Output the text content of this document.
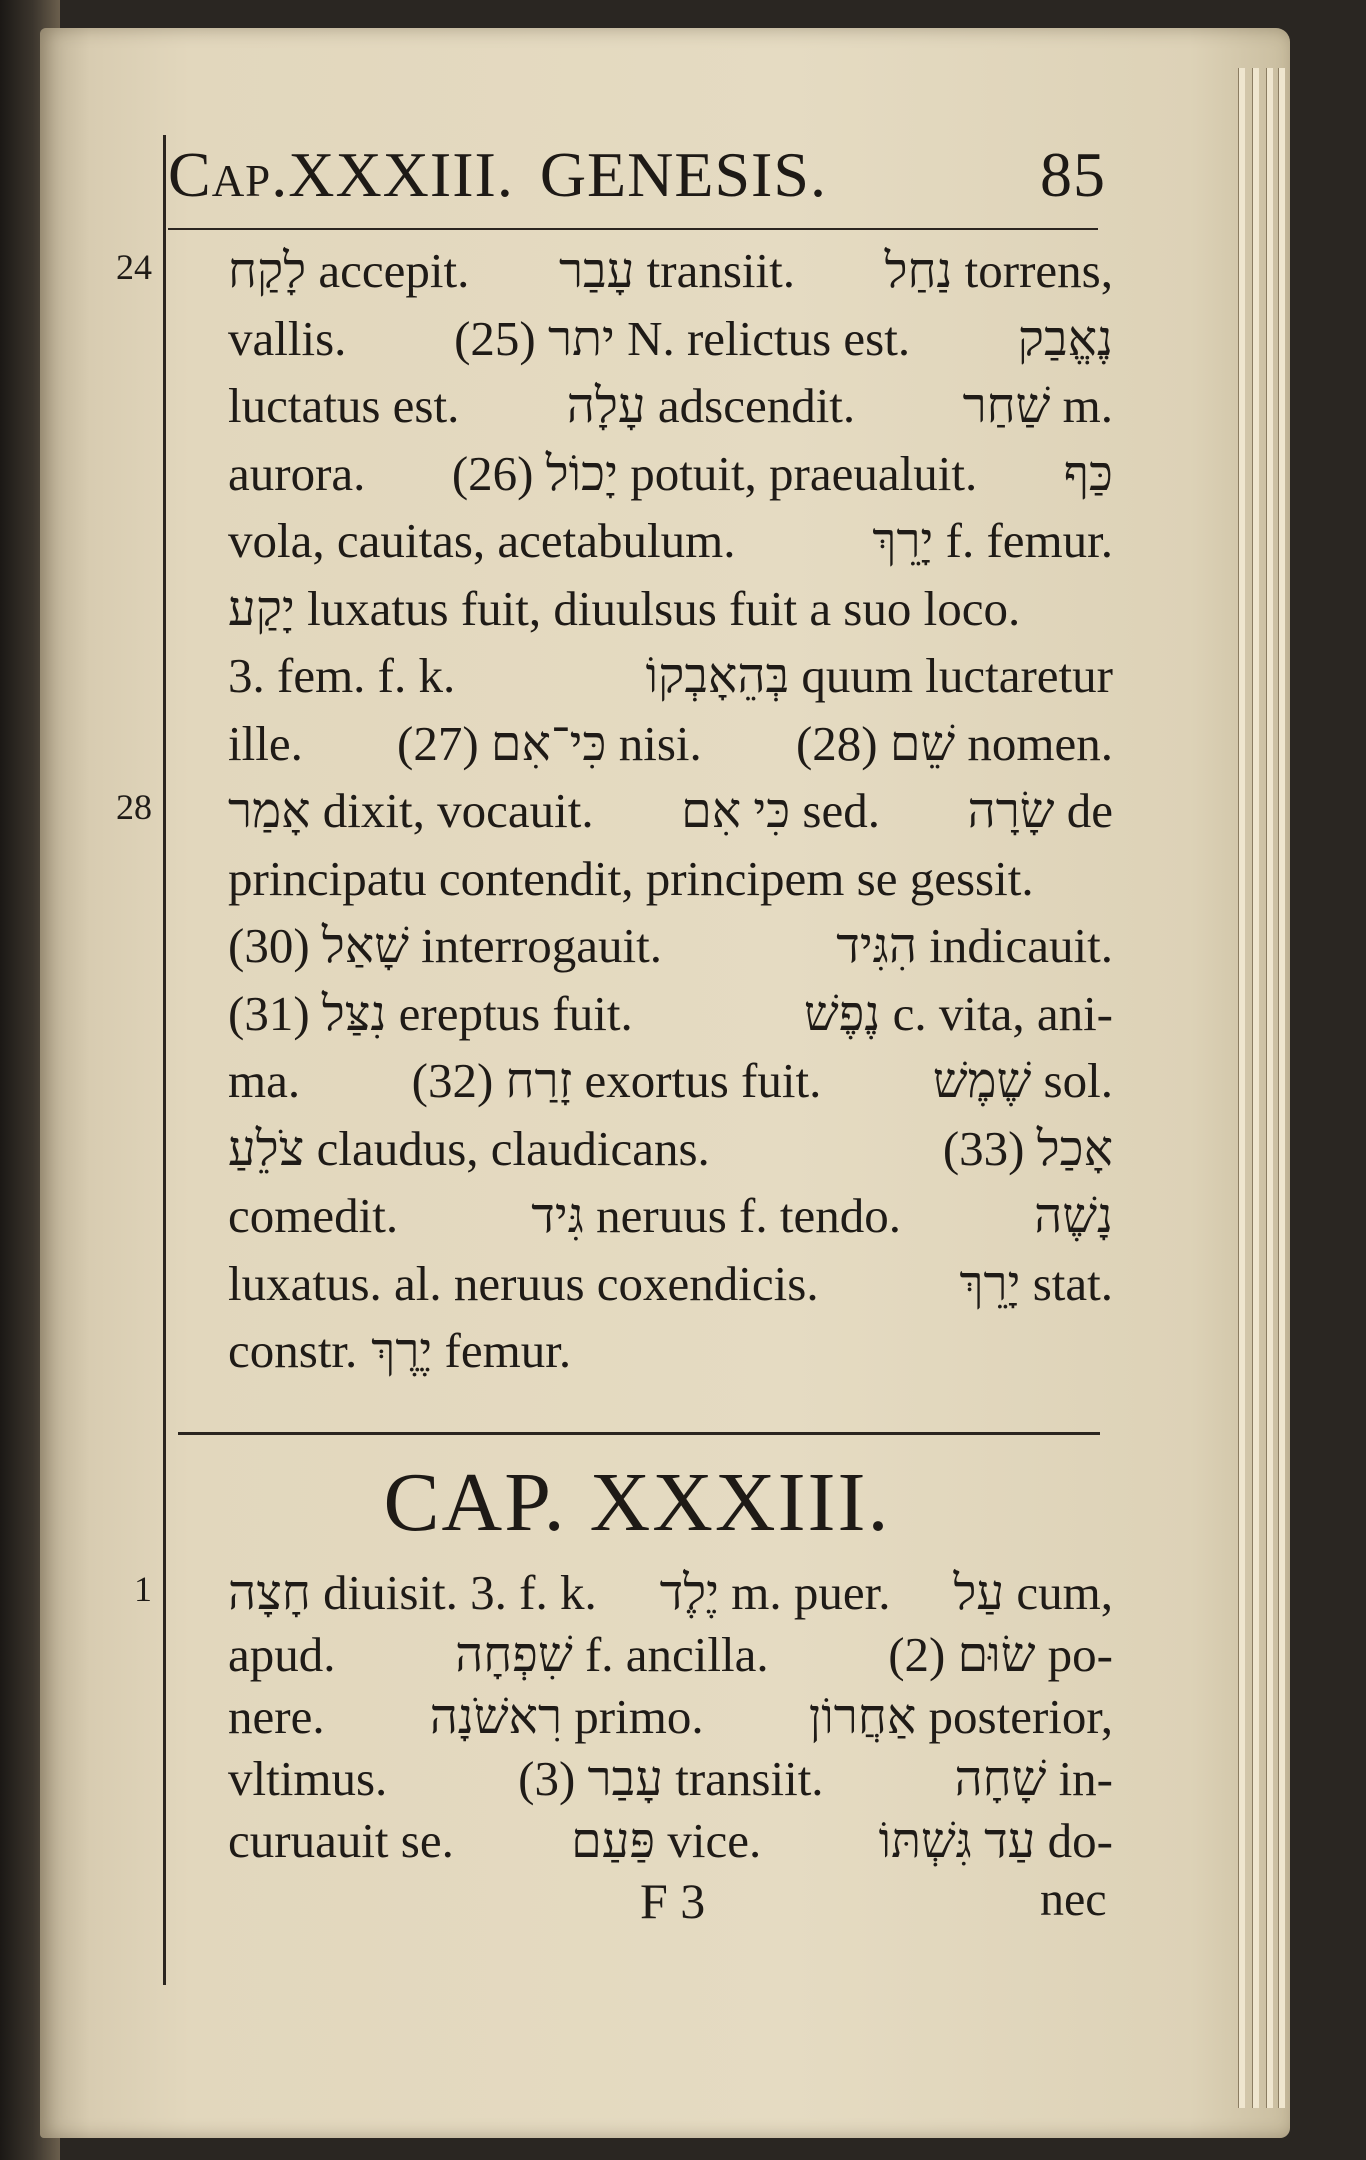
Cap. XXXIII. GENESIS.	85
24 לָקַח accepit. עָבַר transiit. נַחַל torrens,
vallis. (25) יתר N. relictus est. נֶאֱבַק
luctatus est. עָלָה adscendit. שַׁחַר m.
aurora. (26) יָכוֹל potuit, praeualuit. כַּף
vola, cauitas, acetabulum.	יָרֵךְ f. femur.
יָקַע luxatus fuit, diuulsus fuit a suo loco.
3. fem. f. k.	בְּהֵאָבְקוֹ quum luctaretur
ille. (27) כִּי־אִם nisi. (28) שֵׁם nomen.
28 אָמַר dixit, vocauit. כִּי אִם sed. שָׂרָה de
principatu contendit, principem se gessit.
(30) שָׁאַל interrogauit.	הִגִּיד indicauit.
(31) נִצַּל ereptus fuit.	נֶפֶשׁ c. vita, ani-
ma. (32) זָרַח exortus fuit. שֶׁמֶשׁ sol.
צֹלֵעַ claudus, claudicans.	(33) אָכַל
comedit.	גִּיד neruus f. tendo.	נָשֶׁה
luxatus. al. neruus coxendicis.	יָרֵךְ stat.
constr. יֶרֶךְ femur.
CAP. XXXIII.
1 חָצָה diuisit. 3. f. k. יֶלֶד m. puer. עַל cum,
apud. שִׁפְחָה f. ancilla. (2) שׂוּם po-
nere. רִאשֹׁנָה primo. אַחֲרוֹן posterior,
vltimus.	(3) עָבַר transiit.	שָׁחָה in-
curuauit se. פַּעַם vice. עַד גִּשְׁתּוֹ do-
F 3	nec
